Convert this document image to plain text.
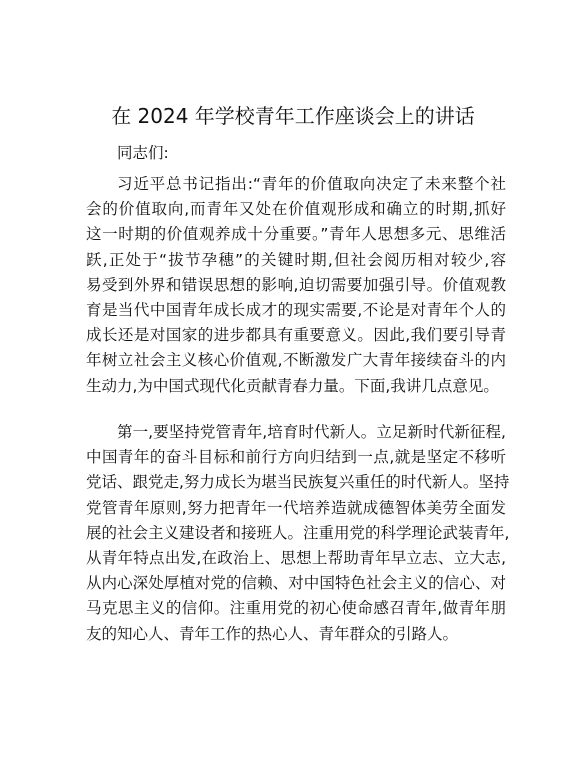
在 2024 年学校青年工作座谈会上的讲话
同志们:
习近平总书记指出:“青年的价值取向决定了未来整个社
会的价值取向,而青年又处在价值观形成和确立的时期,抓好
这一时期的价值观养成十分重要。”青年人思想多元、思维活
跃,正处于“拔节孕穗”的关键时期,但社会阅历相对较少,容
易受到外界和错误思想的影响,迫切需要加强引导。价值观教
育是当代中国青年成长成才的现实需要,不论是对青年个人的
成长还是对国家的进步都具有重要意义。因此,我们要引导青
年树立社会主义核心价值观,不断激发广大青年接续奋斗的内
生动力,为中国式现代化贡献青春力量。下面,我讲几点意见。
第一,要坚持党管青年,培育时代新人。立足新时代新征程,
中国青年的奋斗目标和前行方向归结到一点,就是坚定不移听
党话、跟党走,努力成长为堪当民族复兴重任的时代新人。坚持
党管青年原则,努力把青年一代培养造就成德智体美劳全面发
展的社会主义建设者和接班人。注重用党的科学理论武装青年,
从青年特点出发,在政治上、思想上帮助青年早立志、立大志,
从内心深处厚植对党的信赖、对中国特色社会主义的信心、对
马克思主义的信仰。注重用党的初心使命感召青年,做青年朋
友的知心人、青年工作的热心人、青年群众的引路人。
